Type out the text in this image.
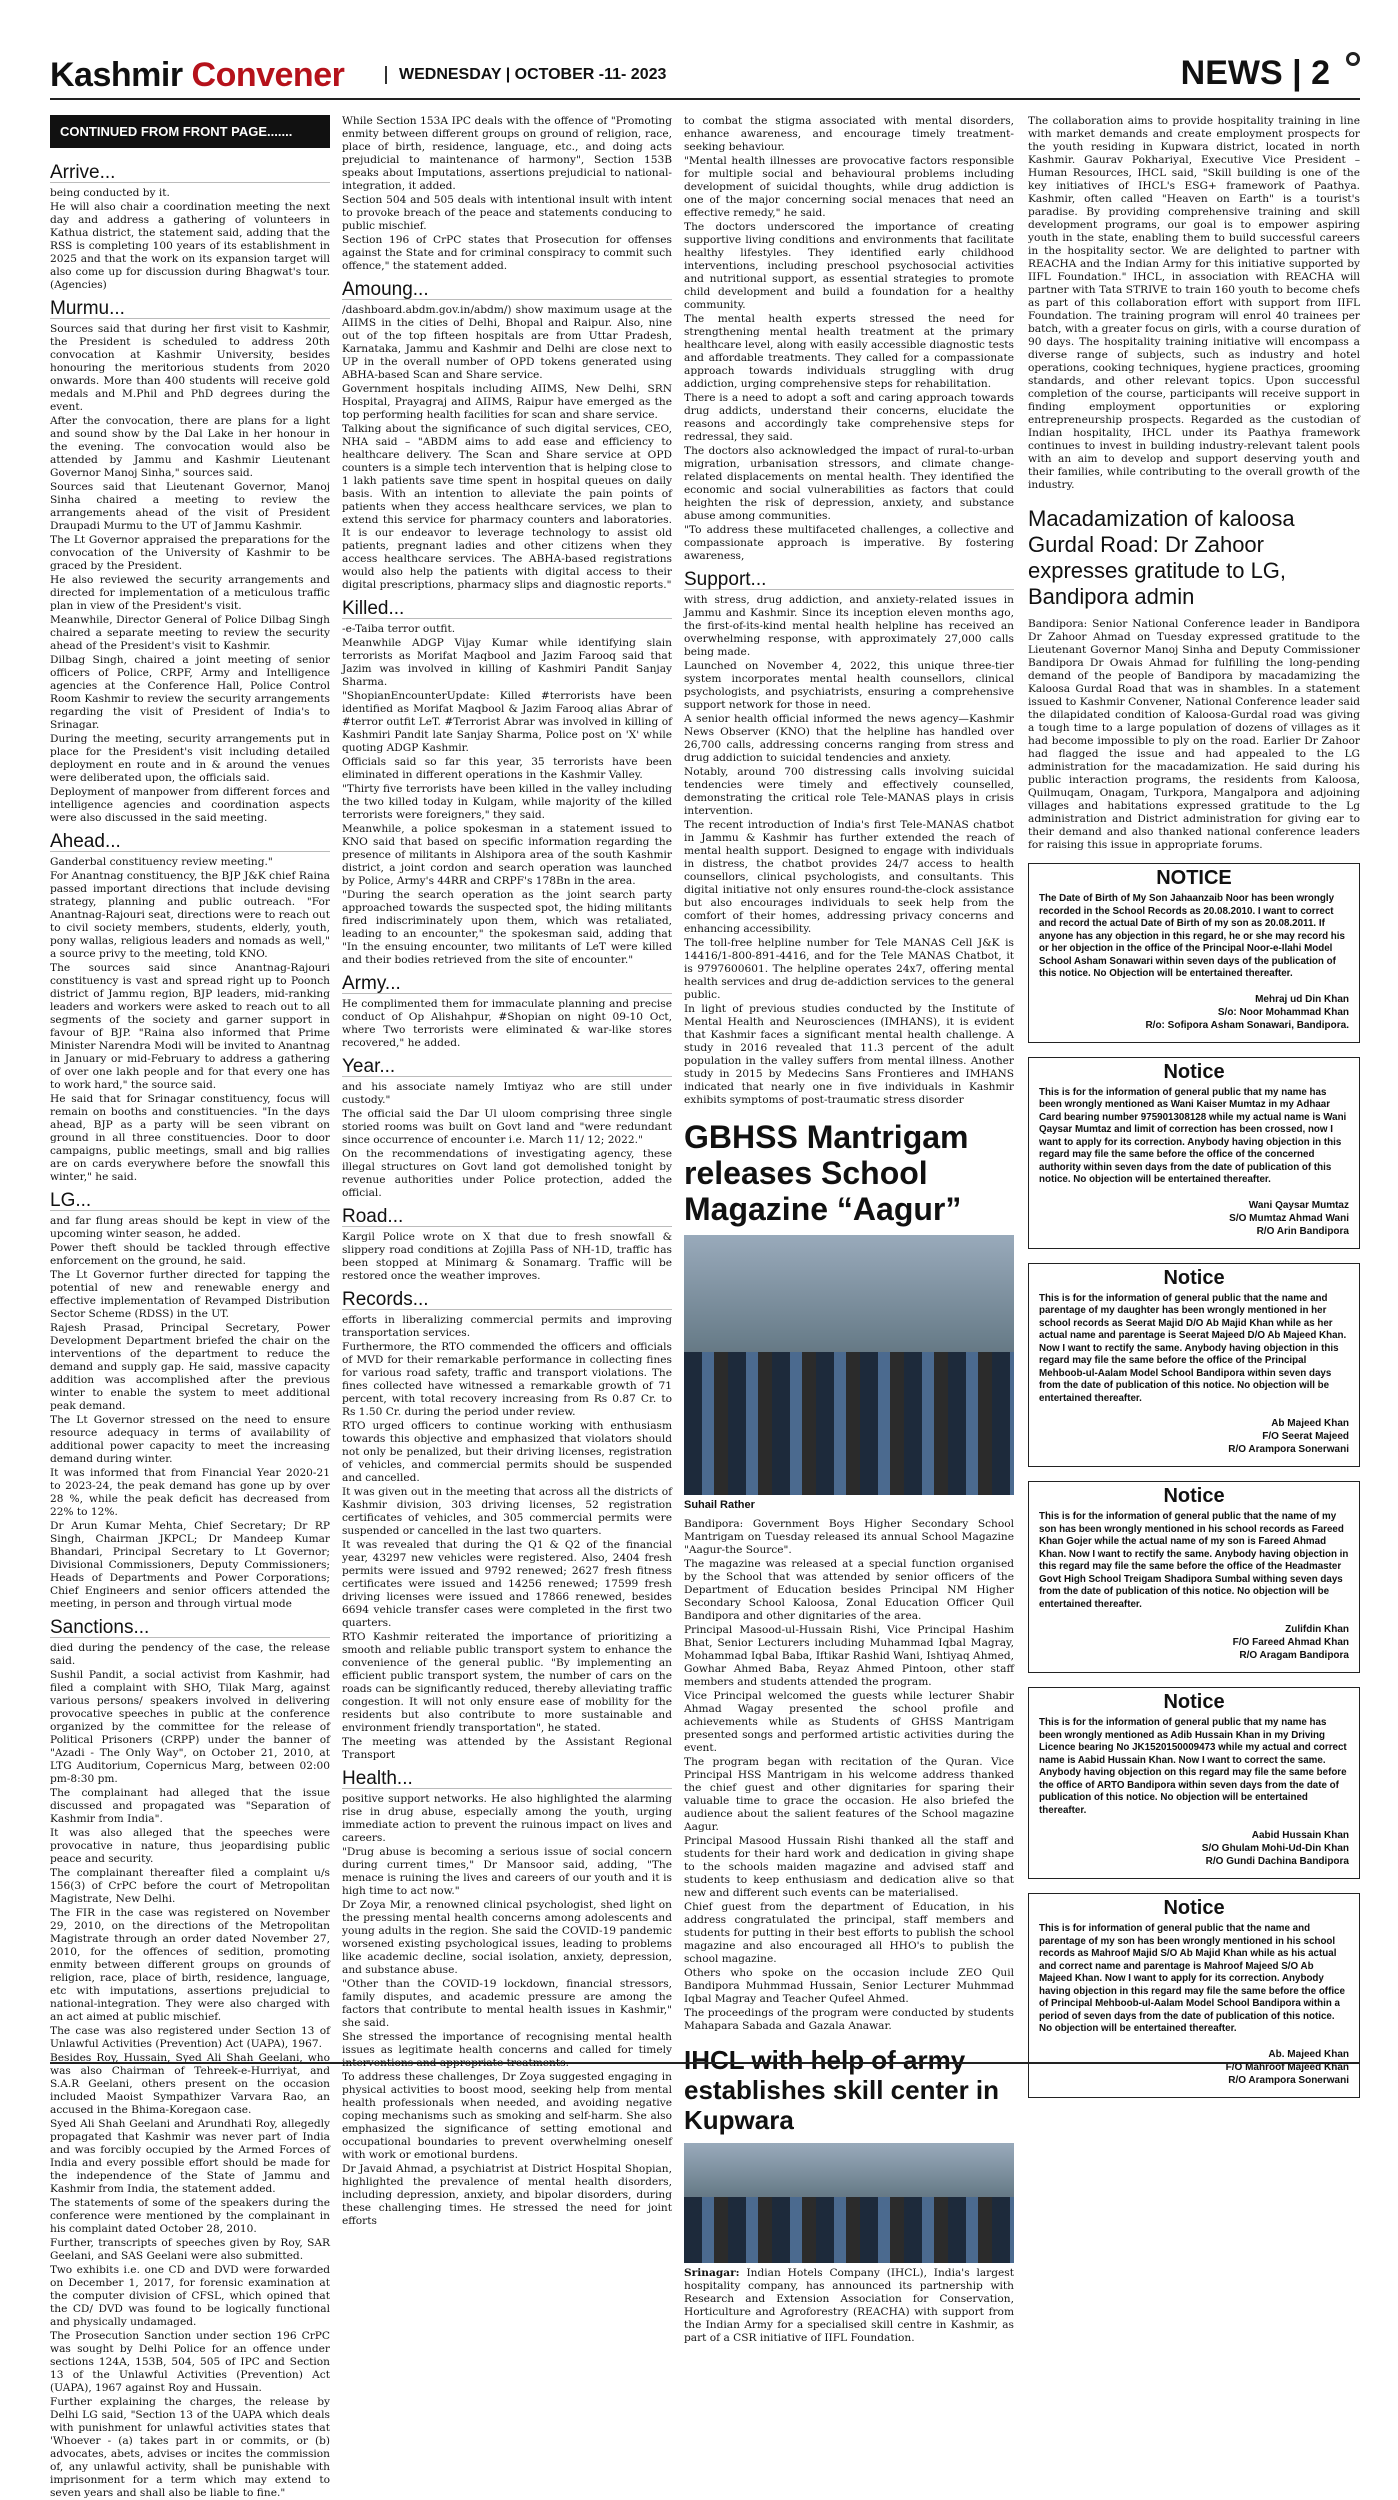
Kashmir Convener	WEDNESDAY | OCTOBER -11- 2023	NEWS | 2
CONTINUED FROM FRONT PAGE.......
Arrive...

being conducted by it.

He will also chair a coordination meeting the next day and address a gathering of volunteers in Kathua district, the statement said, adding that the RSS is completing 100 years of its establishment in 2025 and that the work on its expansion target will also come up for discussion during Bhagwat's tour. (Agencies)

Murmu...

Sources said that during her first visit to Kashmir, the President is scheduled to address 20th convocation at Kashmir University, besides honouring the meritorious students from 2020 onwards. More than 400 students will receive gold medals and M.Phil and PhD degrees during the event.

After the convocation, there are plans for a light and sound show by the Dal Lake in her honour in the evening. The convocation would also be attended by Jammu and Kashmir Lieutenant Governor Manoj Sinha," sources said.

Sources said that Lieutenant Governor, Manoj Sinha chaired a meeting to review the arrangements ahead of the visit of President Draupadi Murmu to the UT of Jammu Kashmir.

The Lt Governor appraised the preparations for the convocation of the University of Kashmir to be graced by the President.

He also reviewed the security arrangements and directed for implementation of a meticulous traffic plan in view of the President's visit.

Meanwhile, Director General of Police Dilbag Singh chaired a separate meeting to review the security ahead of the President's visit to Kashmir.

Dilbag Singh, chaired a joint meeting of senior officers of Police, CRPF, Army and Intelligence agencies at the Conference Hall, Police Control Room Kashmir to review the security arrangements regarding the visit of President of India's to Srinagar.

During the meeting, security arrangements put in place for the President's visit including detailed deployment en route and in & around the venues were deliberated upon, the officials said.

Deployment of manpower from different forces and intelligence agencies and coordination aspects were also discussed in the said meeting.

Ahead...

Ganderbal constituency review meeting."

For Anantnag constituency, the BJP J&K chief Raina passed important directions that include devising strategy, planning and public outreach. "For Anantnag-Rajouri seat, directions were to reach out to civil society members, students, elderly, youth, pony wallas, religious leaders and nomads as well," a source privy to the meeting, told KNO.

The sources said since Anantnag-Rajouri constituency is vast and spread right up to Poonch district of Jammu region, BJP leaders, mid-ranking leaders and workers were asked to reach out to all segments of the society and garner support in favour of BJP. "Raina also informed that Prime Minister Narendra Modi will be invited to Anantnag in January or mid-February to address a gathering of over one lakh people and for that every one has to work hard," the source said.

He said that for Srinagar constituency, focus will remain on booths and constituencies. "In the days ahead, BJP as a party will be seen vibrant on ground in all three constituencies. Door to door campaigns, public meetings, small and big rallies are on cards everywhere before the snowfall this winter," he said.

LG...

and far flung areas should be kept in view of the upcoming winter season, he added.

Power theft should be tackled through effective enforcement on the ground, he said.

The Lt Governor further directed for tapping the potential of new and renewable energy and effective implementation of Revamped Distribution Sector Scheme (RDSS) in the UT.

Rajesh Prasad, Principal Secretary, Power Development Department briefed the chair on the interventions of the department to reduce the demand and supply gap. He said, massive capacity addition was accomplished after the previous winter to enable the system to meet additional peak demand.

The Lt Governor stressed on the need to ensure resource adequacy in terms of availability of additional power capacity to meet the increasing demand during winter.

It was informed that from Financial Year 2020-21 to 2023-24, the peak demand has gone up by over 28 %, while the peak deficit has decreased from 22% to 12%.

Dr Arun Kumar Mehta, Chief Secretary; Dr RP Singh, Chairman JKPCL; Dr Mandeep Kumar Bhandari, Principal Secretary to Lt Governor; Divisional Commissioners, Deputy Commissioners; Heads of Departments and Power Corporations; Chief Engineers and senior officers attended the meeting, in person and through virtual mode

Sanctions...

died during the pendency of the case, the release said.

Sushil Pandit, a social activist from Kashmir, had filed a complaint with SHO, Tilak Marg, against various persons/ speakers involved in delivering provocative speeches in public at the conference organized by the committee for the release of Political Prisoners (CRPP) under the banner of "Azadi - The Only Way", on October 21, 2010, at LTG Auditorium, Copernicus Marg, between 02:00 pm-8:30 pm.

The complainant had alleged that the issue discussed and propagated was "Separation of Kashmir from India".

It was also alleged that the speeches were provocative in nature, thus jeopardising public peace and security.

The complainant thereafter filed a complaint u/s 156(3) of CrPC before the court of Metropolitan Magistrate, New Delhi.

The FIR in the case was registered on November 29, 2010, on the directions of the Metropolitan Magistrate through an order dated November 27, 2010, for the offences of sedition, promoting enmity between different groups on grounds of religion, race, place of birth, residence, language, etc with imputations, assertions prejudicial to national-integration. They were also charged with an act aimed at public mischief.

The case was also registered under Section 13 of Unlawful Activities (Prevention) Act (UAPA), 1967.

Besides Roy, Hussain, Syed Ali Shah Geelani, who was also Chairman of Tehreek-e-Hurriyat, and S.A.R Geelani, others present on the occasion included Maoist Sympathizer Varvara Rao, an accused in the Bhima-Koregaon case.

Syed Ali Shah Geelani and Arundhati Roy, allegedly propagated that Kashmir was never part of India and was forcibly occupied by the Armed Forces of India and every possible effort should be made for the independence of the State of Jammu and Kashmir from India, the statement added.

The statements of some of the speakers during the conference were mentioned by the complainant in his complaint dated October 28, 2010.

Further, transcripts of speeches given by Roy, SAR Geelani, and SAS Geelani were also submitted.

Two exhibits i.e. one CD and DVD were forwarded on December 1, 2017, for forensic examination at the computer division of CFSL, which opined that the CD/ DVD was found to be logically functional and physically undamaged.

The Prosecution Sanction under section 196 CrPC was sought by Delhi Police for an offence under sections 124A, 153B, 504, 505 of IPC and Section 13 of the Unlawful Activities (Prevention) Act (UAPA), 1967 against Roy and Hussain.

Further explaining the charges, the release by Delhi LG said, "Section 13 of the UAPA which deals with punishment for unlawful activities states that 'Whoever - (a) takes part in or commits, or (b) advocates, abets, advises or incites the commission of, any unlawful activity, shall be punishable with imprisonment for a term which may extend to seven years and shall also be liable to fine."

While Section 153A IPC deals with the offence of "Promoting enmity between different groups on ground of religion, race, place of birth, residence, language, etc., and doing acts prejudicial to maintenance of harmony", Section 153B speaks about Imputations, assertions prejudicial to national-integration, it added.

Section 504 and 505 deals with intentional insult with intent to provoke breach of the peace and statements conducing to public mischief.

Section 196 of CrPC states that Prosecution for offenses against the State and for criminal conspiracy to commit such offence," the statement added.

Amoung...

/dashboard.abdm.gov.in/abdm/) show maximum usage at the AIIMS in the cities of Delhi, Bhopal and Raipur. Also, nine out of the top fifteen hospitals are from Uttar Pradesh, Karnataka, Jammu and Kashmir and Delhi are close next to UP in the overall number of OPD tokens generated using ABHA-based Scan and Share service.

Government hospitals including AIIMS, New Delhi, SRN Hospital, Prayagraj and AIIMS, Raipur have emerged as the top performing health facilities for scan and share service.

Talking about the significance of such digital services, CEO, NHA said – "ABDM aims to add ease and efficiency to healthcare delivery. The Scan and Share service at OPD counters is a simple tech intervention that is helping close to 1 lakh patients save time spent in hospital queues on daily basis. With an intention to alleviate the pain points of patients when they access healthcare services, we plan to extend this service for pharmacy counters and laboratories. It is our endeavor to leverage technology to assist old patients, pregnant ladies and other citizens when they access healthcare services. The ABHA-based registrations would also help the patients with digital access to their digital prescriptions, pharmacy slips and diagnostic reports."

Killed...

-e-Taiba terror outfit.

Meanwhile ADGP Vijay Kumar while identifying slain terrorists as Morifat Maqbool and Jazim Farooq said that Jazim was involved in killing of Kashmiri Pandit Sanjay Sharma.

"ShopianEncounterUpdate: Killed #terrorists have been identified as Morifat Maqbool & Jazim Farooq alias Abrar of #terror outfit LeT. #Terrorist Abrar was involved in killing of Kashmiri Pandit late Sanjay Sharma, Police post on 'X' while quoting ADGP Kashmir.

Officials said so far this year, 35 terrorists have been eliminated in different operations in the Kashmir Valley.

"Thirty five terrorists have been killed in the valley including the two killed today in Kulgam, while majority of the killed terrorists were foreigners," they said.

Meanwhile, a police spokesman in a statement issued to KNO said that based on specific information regarding the presence of militants in Alshipora area of the south Kashmir district, a joint cordon and search operation was launched by Police, Army's 44RR and CRPF's 178Bn in the area.

"During the search operation as the joint search party approached towards the suspected spot, the hiding militants fired indiscriminately upon them, which was retaliated, leading to an encounter," the spokesman said, adding that "In the ensuing encounter, two militants of LeT were killed and their bodies retrieved from the site of encounter."

Army...

He complimented them for immaculate planning and precise conduct of Op Alishahpur, #Shopian on night 09-10 Oct, where Two terrorists were eliminated & war-like stores recovered," he added.

Year...

and his associate namely Imtiyaz who are still under custody."

The official said the Dar Ul uloom comprising three single storied rooms was built on Govt land and "were redundant since occurrence of encounter i.e. March 11/ 12; 2022."

On the recommendations of investigating agency, these illegal structures on Govt land got demolished tonight by revenue authorities under Police protection, added the official.

Road...

Kargil Police wrote on X that due to fresh snowfall & slippery road conditions at Zojilla Pass of NH-1D, traffic has been stopped at Minimarg & Sonamarg. Traffic will be restored once the weather improves.

Records...

efforts in liberalizing commercial permits and improving transportation services.

Furthermore, the RTO commended the officers and officials of MVD for their remarkable performance in collecting fines for various road safety, traffic and transport violations. The fines collected have witnessed a remarkable growth of 71 percent, with total recovery increasing from Rs 0.87 Cr. to Rs 1.50 Cr. during the period under review.

RTO urged officers to continue working with enthusiasm towards this objective and emphasized that violators should not only be penalized, but their driving licenses, registration of vehicles, and commercial permits should be suspended and cancelled.

It was given out in the meeting that across all the districts of Kashmir division, 303 driving licenses, 52 registration certificates of vehicles, and 305 commercial permits were suspended or cancelled in the last two quarters.

It was revealed that during the Q1 & Q2 of the financial year, 43297 new vehicles were registered. Also, 2404 fresh permits were issued and 9792 renewed; 2627 fresh fitness certificates were issued and 14256 renewed; 17599 fresh driving licenses were issued and 17866 renewed, besides 6694 vehicle transfer cases were completed in the first two quarters.

RTO Kashmir reiterated the importance of prioritizing a smooth and reliable public transport system to enhance the convenience of the general public. "By implementing an efficient public transport system, the number of cars on the roads can be significantly reduced, thereby alleviating traffic congestion. It will not only ensure ease of mobility for the residents but also contribute to more sustainable and environment friendly transportation", he stated.

The meeting was attended by the Assistant Regional Transport

Health...

positive support networks. He also highlighted the alarming rise in drug abuse, especially among the youth, urging immediate action to prevent the ruinous impact on lives and careers.

"Drug abuse is becoming a serious issue of social concern during current times," Dr Mansoor said, adding, "The menace is ruining the lives and careers of our youth and it is high time to act now."

Dr Zoya Mir, a renowned clinical psychologist, shed light on the pressing mental health concerns among adolescents and young adults in the region. She said the COVID-19 pandemic worsened existing psychological issues, leading to problems like academic decline, social isolation, anxiety, depression, and substance abuse.

"Other than the COVID-19 lockdown, financial stressors, family disputes, and academic pressure are among the factors that contribute to mental health issues in Kashmir," she said.

She stressed the importance of recognising mental health issues as legitimate health concerns and called for timely interventions and appropriate treatments.

To address these challenges, Dr Zoya suggested engaging in physical activities to boost mood, seeking help from mental health professionals when needed, and avoiding negative coping mechanisms such as smoking and self-harm. She also emphasized the significance of setting emotional and occupational boundaries to prevent overwhelming oneself with work or emotional burdens.

Dr Javaid Ahmad, a psychiatrist at District Hospital Shopian, highlighted the prevalence of mental health disorders, including depression, anxiety, and bipolar disorders, during these challenging times. He stressed the need for joint efforts

to combat the stigma associated with mental disorders, enhance awareness, and encourage timely treatment-seeking behaviour.

"Mental health illnesses are provocative factors responsible for multiple social and behavioural problems including development of suicidal thoughts, while drug addiction is one of the major concerning social menaces that need an effective remedy," he said.

The doctors underscored the importance of creating supportive living conditions and environments that facilitate healthy lifestyles. They identified early childhood interventions, including preschool psychosocial activities and nutritional support, as essential strategies to promote child development and build a foundation for a healthy community.

The mental health experts stressed the need for strengthening mental health treatment at the primary healthcare level, along with easily accessible diagnostic tests and affordable treatments. They called for a compassionate approach towards individuals struggling with drug addiction, urging comprehensive steps for rehabilitation.

There is a need to adopt a soft and caring approach towards drug addicts, understand their concerns, elucidate the reasons and accordingly take comprehensive steps for redressal, they said.

The doctors also acknowledged the impact of rural-to-urban migration, urbanisation stressors, and climate change-related displacements on mental health. They identified the economic and social vulnerabilities as factors that could heighten the risk of depression, anxiety, and substance abuse among communities.

"To address these multifaceted challenges, a collective and compassionate approach is imperative. By fostering awareness,

Support...

with stress, drug addiction, and anxiety-related issues in Jammu and Kashmir. Since its inception eleven months ago, the first-of-its-kind mental health helpline has received an overwhelming response, with approximately 27,000 calls being made.

Launched on November 4, 2022, this unique three-tier system incorporates mental health counsellors, clinical psychologists, and psychiatrists, ensuring a comprehensive support network for those in need.

A senior health official informed the news agency—Kashmir News Observer (KNO) that the helpline has handled over 26,700 calls, addressing concerns ranging from stress and drug addiction to suicidal tendencies and anxiety.

Notably, around 700 distressing calls involving suicidal tendencies were timely and effectively counselled, demonstrating the critical role Tele-MANAS plays in crisis intervention.

The recent introduction of India's first Tele-MANAS chatbot in Jammu & Kashmir has further extended the reach of mental health support. Designed to engage with individuals in distress, the chatbot provides 24/7 access to health counsellors, clinical psychologists, and consultants. This digital initiative not only ensures round-the-clock assistance but also encourages individuals to seek help from the comfort of their homes, addressing privacy concerns and enhancing accessibility.

The toll-free helpline number for Tele MANAS Cell J&K is 14416/1-800-891-4416, and for the Tele MANAS Chatbot, it is 9797600601. The helpline operates 24x7, offering mental health services and drug de-addiction services to the general public.

In light of previous studies conducted by the Institute of Mental Health and Neurosciences (IMHANS), it is evident that Kashmir faces a significant mental health challenge. A study in 2016 revealed that 11.3 percent of the adult population in the valley suffers from mental illness. Another study in 2015 by Medecins Sans Frontieres and IMHANS indicated that nearly one in five individuals in Kashmir exhibits symptoms of post-traumatic stress disorder

GBHSS Mantrigam releases School Magazine “Aagur”
Suhail Rather

Bandipora: Government Boys Higher Secondary School Mantrigam on Tuesday released its annual School Magazine "Aagur-the Source".

The magazine was released at a special function organised by the School that was attended by senior officers of the Department of Education besides Principal NM Higher Secondary School Kaloosa, Zonal Education Officer Quil Bandipora and other dignitaries of the area.

Principal Masood-ul-Hussain Rishi, Vice Principal Hashim Bhat, Senior Lecturers including Muhammad Iqbal Magray, Mohammad Iqbal Baba, Iftikar Rashid Wani, Ishtiyaq Ahmed, Gowhar Ahmed Baba, Reyaz Ahmed Pintoon, other staff members and students attended the program.

Vice Principal welcomed the guests while lecturer Shabir Ahmad Wagay presented the school profile and achievements while as Students of GHSS Mantrigam presented songs and performed artistic activities during the event.

The program began with recitation of the Quran. Vice Principal HSS Mantrigam in his welcome address thanked the chief guest and other dignitaries for sparing their valuable time to grace the occasion. He also briefed the audience about the salient features of the School magazine Aagur.

Principal Masood Hussain Rishi thanked all the staff and students for their hard work and dedication in giving shape to the schools maiden magazine and advised staff and students to keep enthusiasm and dedication alive so that new and different such events can be materialised.

Chief guest from the department of Education, in his address congratulated the principal, staff members and students for putting in their best efforts to publish the school magazine and also encouraged all HHO's to publish the school magazine.

Others who spoke on the occasion include ZEO Quil Bandipora Muhmmad Hussain, Senior Lecturer Muhmmad Iqbal Magray and Teacher Qufeel Ahmed.

The proceedings of the program were conducted by students Mahapara Sabada and Gazala Anawar.

IHCL with help of army establishes skill center in Kupwara

Srinagar: Indian Hotels Company (IHCL), India's largest hospitality company, has announced its partnership with Research and Extension Association for Conservation, Horticulture and Agroforestry (REACHA) with support from the Indian Army for a specialised skill centre in Kashmir, as part of a CSR initiative of IIFL Foundation.

The collaboration aims to provide hospitality training in line with market demands and create employment prospects for the youth residing in Kupwara district, located in north Kashmir. Gaurav Pokhariyal, Executive Vice President – Human Resources, IHCL said, "Skill building is one of the key initiatives of IHCL's ESG+ framework of Paathya. Kashmir, often called "Heaven on Earth" is a tourist's paradise. By providing comprehensive training and skill development programs, our goal is to empower aspiring youth in the state, enabling them to build successful careers in the hospitality sector. We are delighted to partner with REACHA and the Indian Army for this initiative supported by IIFL Foundation." IHCL, in association with REACHA will partner with Tata STRIVE to train 160 youth to become chefs as part of this collaboration effort with support from IIFL Foundation. The training program will enrol 40 trainees per batch, with a greater focus on girls, with a course duration of 90 days. The hospitality training initiative will encompass a diverse range of subjects, such as industry and hotel operations, cooking techniques, hygiene practices, grooming standards, and other relevant topics. Upon successful completion of the course, participants will receive support in finding employment opportunities or exploring entrepreneurship prospects. Regarded as the custodian of Indian hospitality, IHCL under its Paathya framework continues to invest in building industry-relevant talent pools with an aim to develop and support deserving youth and their families, while contributing to the overall growth of the industry.

Macadamization of kaloosa Gurdal Road: Dr Zahoor expresses gratitude to LG, Bandipora admin

Bandipora: Senior National Conference leader in Bandipora Dr Zahoor Ahmad on Tuesday expressed gratitude to the Lieutenant Governor Manoj Sinha and Deputy Commissioner Bandipora Dr Owais Ahmad for fulfilling the long-pending demand of the people of Bandipora by macadamizing the Kaloosa Gurdal Road that was in shambles. In a statement issued to Kashmir Convener, National Conference leader said the dilapidated condition of Kaloosa-Gurdal road was giving a tough time to a large population of dozens of villages as it had become impossible to ply on the road. Earlier Dr Zahoor had flagged the issue and had appealed to the LG administration for the macadamization. He said during his public interaction programs, the residents from Kaloosa, Quilmuqam, Onagam, Turkpora, Mangalpora and adjoining villages and habitations expressed gratitude to the Lg administration and District administration for giving ear to their demand and also thanked national conference leaders for raising this issue in appropriate forums.

NOTICE
The Date of Birth of My Son Jahaanzaib Noor has been wrongly recorded in the School Records as 20.08.2010. I want to correct and record the actual Date of Birth of my son as 20.08.2011. If anyone has any objection in this regard, he or she may record his or her objection in the office of the Principal Noor-e-Ilahi Model School Asham Sonawari within seven days of the publication of this notice. No Objection will be entertained thereafter.
Mehraj ud Din Khan
S/o: Noor Mohammad Khan
R/o: Sofipora Asham Sonawari, Bandipora.
Notice
This is for the information of general public that my name has been wrongly mentioned as Wani Kaiser Mumtaz in my Adhaar Card bearing number 975901308128 while my actual name is Wani Qaysar Mumtaz and limit of correction has been crossed, now I want to apply for its correction. Anybody having objection in this regard may file the same before the office of the concerned authority within seven days from the date of publication of this notice. No objection will be entertained thereafter.
Wani Qaysar Mumtaz
S/O Mumtaz Ahmad Wani
R/O Arin Bandipora
Notice
This is for the information of general public that the name and parentage of my daughter has been wrongly mentioned in her school records as Seerat Majid D/O Ab Majid Khan while as her actual name and parentage is Seerat Majeed D/O Ab Majeed Khan. Now I want to rectify the same. Anybody having objection in this regard may file the same before the office of the Principal Mehboob-ul-Aalam Model School Bandipora within seven days from the date of publication of this notice. No objection will be entertained thereafter.
Ab Majeed Khan
F/O Seerat Majeed
R/O Arampora Sonerwani
Notice
This is for the information of general public that the name of my son has been wrongly mentioned in his school records as Fareed Khan Gojer while the actual name of my son is Fareed Ahmad Khan. Now I want to rectify the same. Anybody having objection in this regard may file the same before the office of the Headmaster Govt High School Treigam Shadipora Sumbal withing seven days from the date of publication of this notice. No objection will be entertained thereafter.
Zulifdin Khan
F/O Fareed Ahmad Khan
R/O Aragam Bandipora
Notice
This is for the information of general public that my name has been wrongly mentioned as Adib Hussain Khan in my Driving Licence bearing No JK1520150009473 while my actual and correct name is Aabid Hussain Khan. Now I want to correct the same. Anybody having objection on this regard may file the same before the office of ARTO Bandipora within seven days from the date of publication of this notice. No objection will be entertained thereafter.
Aabid Hussain Khan
S/O Ghulam Mohi-Ud-Din Khan
R/O Gundi Dachina Bandipora
Notice
This is for information of general public that the name and parentage of my son has been wrongly mentioned in his school records as Mahroof Majid S/O Ab Majid Khan while as his actual and correct name and parentage is Mahroof Majeed S/O Ab Majeed Khan. Now I want to apply for its correction. Anybody having objection in this regard may file the same before the office of Principal Mehboob-ul-Aalam Model School Bandipora within a period of seven days from the date of publication of this notice. No objection will be entertained thereafter.
Ab. Majeed Khan
F/O Mahroof Majeed Khan
R/O Arampora Sonerwani
